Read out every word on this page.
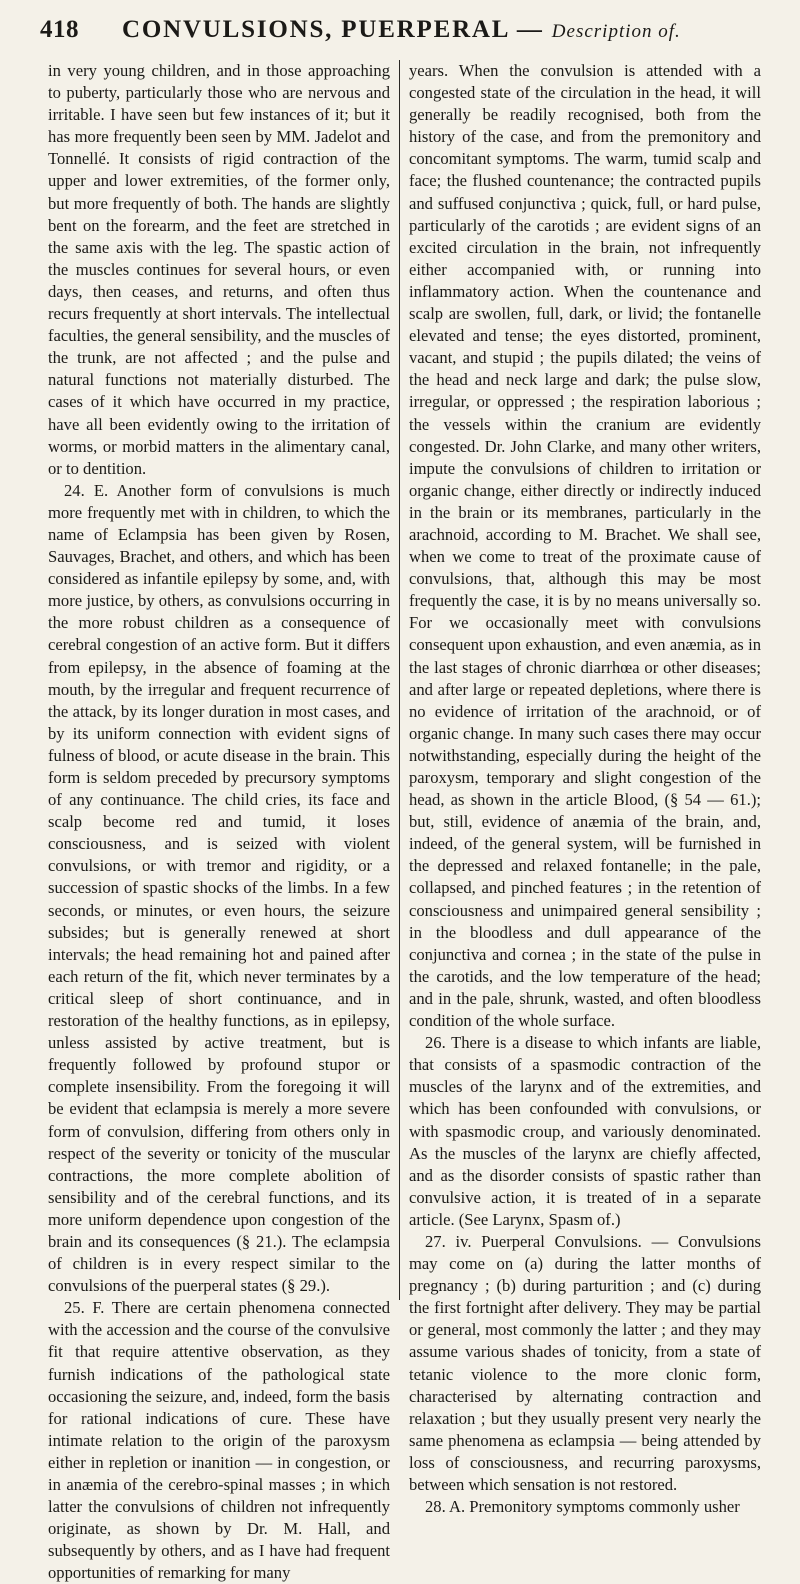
418 CONVULSIONS, PUERPERAL — Description of.

in very young children, and in those approaching to puberty, particularly those who are nervous and irritable. I have seen but few instances of it; but it has more frequently been seen by MM. Jadelot and Tonnellé. It consists of rigid contraction of the upper and lower extremities, of the former only, but more frequently of both. The hands are slightly bent on the forearm, and the feet are stretched in the same axis with the leg. The spastic action of the muscles continues for several hours, or even days, then ceases, and returns, and often thus recurs frequently at short intervals. The intellectual faculties, the general sensibility, and the muscles of the trunk, are not affected ; and the pulse and natural functions not materially disturbed. The cases of it which have occurred in my practice, have all been evidently owing to the irritation of worms, or morbid matters in the alimentary canal, or to dentition.

24. E. Another form of convulsions is much more frequently met with in children, to which the name of Eclampsia has been given by Rosen, Sauvages, Brachet, and others, and which has been considered as infantile epilepsy by some, and, with more justice, by others, as convulsions occurring in the more robust children as a consequence of cerebral congestion of an active form. But it differs from epilepsy, in the absence of foaming at the mouth, by the irregular and frequent recurrence of the attack, by its longer duration in most cases, and by its uniform connection with evident signs of fulness of blood, or acute disease in the brain. This form is seldom preceded by precursory symptoms of any continuance. The child cries, its face and scalp become red and tumid, it loses consciousness, and is seized with violent convulsions, or with tremor and rigidity, or a succession of spastic shocks of the limbs. In a few seconds, or minutes, or even hours, the seizure subsides; but is generally renewed at short intervals; the head remaining hot and pained after each return of the fit, which never terminates by a critical sleep of short continuance, and in restoration of the healthy functions, as in epilepsy, unless assisted by active treatment, but is frequently followed by profound stupor or complete insensibility. From the foregoing it will be evident that eclampsia is merely a more severe form of convulsion, differing from others only in respect of the severity or tonicity of the muscular contractions, the more complete abolition of sensibility and of the cerebral functions, and its more uniform dependence upon congestion of the brain and its consequences (§ 21.). The eclampsia of children is in every respect similar to the convulsions of the puerperal states (§ 29.).

25. F. There are certain phenomena connected with the accession and the course of the convulsive fit that require attentive observation, as they furnish indications of the pathological state occasioning the seizure, and, indeed, form the basis for rational indications of cure. These have intimate relation to the origin of the paroxysm either in repletion or inanition — in congestion, or in anæmia of the cerebro-spinal masses ; in which latter the convulsions of children not infrequently originate, as shown by Dr. M. Hall, and subsequently by others, and as I have had frequent opportunities of remarking for many

years. When the convulsion is attended with a congested state of the circulation in the head, it will generally be readily recognised, both from the history of the case, and from the premonitory and concomitant symptoms. The warm, tumid scalp and face; the flushed countenance; the contracted pupils and suffused conjunctiva ; quick, full, or hard pulse, particularly of the carotids ; are evident signs of an excited circulation in the brain, not infrequently either accompanied with, or running into inflammatory action. When the countenance and scalp are swollen, full, dark, or livid; the fontanelle elevated and tense; the eyes distorted, prominent, vacant, and stupid ; the pupils dilated; the veins of the head and neck large and dark; the pulse slow, irregular, or oppressed ; the respiration laborious ; the vessels within the cranium are evidently congested. Dr. John Clarke, and many other writers, impute the convulsions of children to irritation or organic change, either directly or indirectly induced in the brain or its membranes, particularly in the arachnoid, according to M. Brachet. We shall see, when we come to treat of the proximate cause of convulsions, that, although this may be most frequently the case, it is by no means universally so. For we occasionally meet with convulsions consequent upon exhaustion, and even anæmia, as in the last stages of chronic diarrhœa or other diseases; and after large or repeated depletions, where there is no evidence of irritation of the arachnoid, or of organic change. In many such cases there may occur notwithstanding, especially during the height of the paroxysm, temporary and slight congestion of the head, as shown in the article Blood, (§ 54 — 61.); but, still, evidence of anæmia of the brain, and, indeed, of the general system, will be furnished in the depressed and relaxed fontanelle; in the pale, collapsed, and pinched features ; in the retention of consciousness and unimpaired general sensibility ; in the bloodless and dull appearance of the conjunctiva and cornea ; in the state of the pulse in the carotids, and the low temperature of the head; and in the pale, shrunk, wasted, and often bloodless condition of the whole surface.

26. There is a disease to which infants are liable, that consists of a spasmodic contraction of the muscles of the larynx and of the extremities, and which has been confounded with convulsions, or with spasmodic croup, and variously denominated. As the muscles of the larynx are chiefly affected, and as the disorder consists of spastic rather than convulsive action, it is treated of in a separate article. (See Larynx, Spasm of.)

27. iv. Puerperal Convulsions. — Convulsions may come on (a) during the latter months of pregnancy ; (b) during parturition ; and (c) during the first fortnight after delivery. They may be partial or general, most commonly the latter ; and they may assume various shades of tonicity, from a state of tetanic violence to the more clonic form, characterised by alternating contraction and relaxation ; but they usually present very nearly the same phenomena as eclampsia — being attended by loss of consciousness, and recurring paroxysms, between which sensation is not restored.

28. A. Premonitory symptoms commonly usher
